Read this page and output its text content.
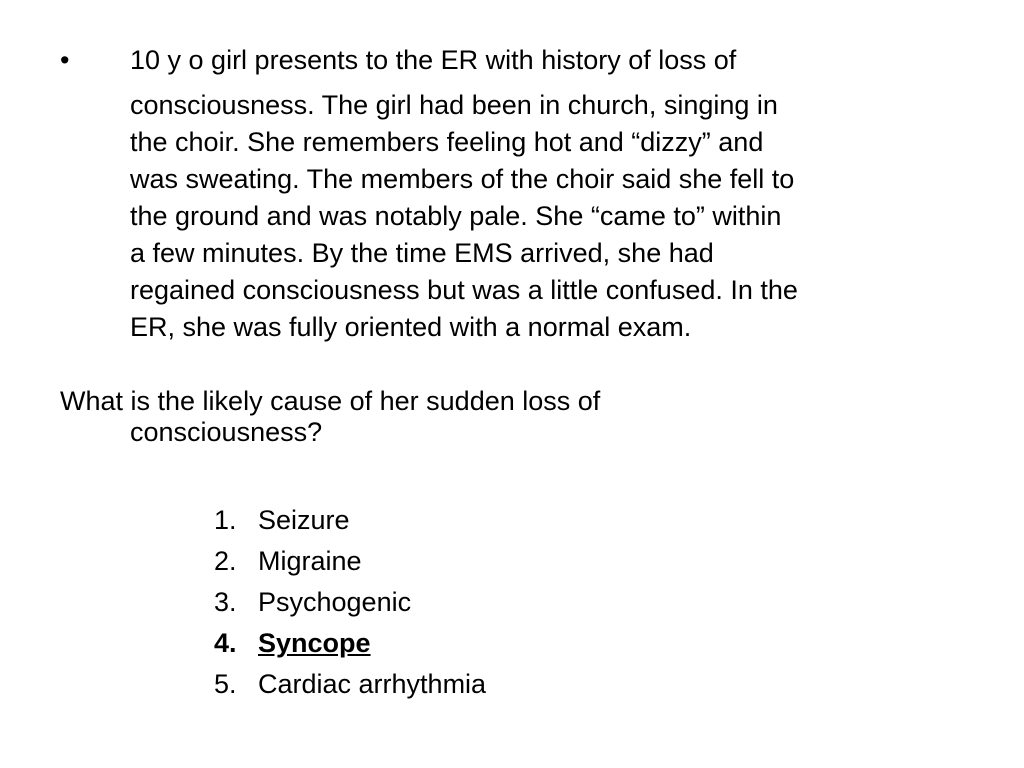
• 10 y o girl presents to the ER with history of loss of
consciousness. The girl had been in church, singing in
the choir. She remembers feeling hot and “dizzy” and
was sweating. The members of the choir said she fell to
the ground and was notably pale. She “came to” within
a few minutes. By the time EMS arrived, she had
regained consciousness but was a little confused. In the
ER, she was fully oriented with a normal exam.
What is the likely cause of her sudden loss of
consciousness?
1. Seizure
2. Migraine
3. Psychogenic
4. Syncope
5. Cardiac arrhythmia
